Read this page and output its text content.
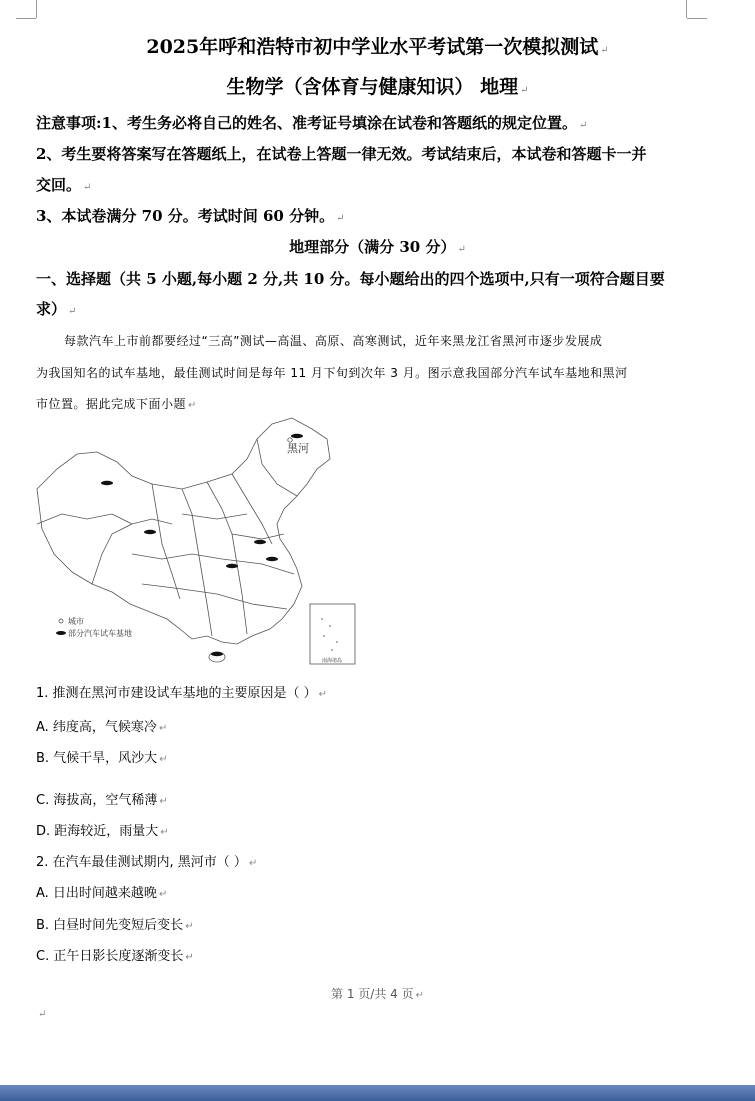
2025年呼和浩特市初中学业水平考试第一次模拟测试 ↵
生物学（含体育与健康知识） 地理 ↵
注意事项:1、考生务必将自己的姓名、准考证号填涂在试卷和答题纸的规定位置。 ↵
2、考生要将答案写在答题纸上，在试卷上答题一律无效。考试结束后，本试卷和答题卡一并
交回。 ↵
3、本试卷满分 70 分。考试时间 60 分钟。 ↵
地理部分（满分 30 分） ↵
一、选择题（共 5 小题,每小题 2 分,共 10 分。每小题给出的四个选项中,只有一项符合题目要
求） ↵
每款汽车上市前都要经过“三高”测试—高温、高原、高寒测试，近年来黑龙江省黑河市逐步发展成
为我国知名的试车基地，最佳测试时间是每年 11 月下旬到次年 3 月。图示意我国部分汽车试车基地和黑河
市位置。据此完成下面小题 ↵
黑河
城市
部分汽车试车基地
南海诸岛
1. 推测在黑河市建设试车基地的主要原因是（ ） ↵
A. 纬度高，气候寒冷 ↵
B. 气候干旱，风沙大 ↵
C. 海拔高，空气稀薄 ↵
D. 距海较近，雨量大 ↵
2. 在汽车最佳测试期内, 黑河市（ ） ↵
A. 日出时间越来越晚 ↵
B. 白昼时间先变短后变长 ↵
C. 正午日影长度逐渐变长 ↵
第 1 页/共 4 页 ↵
↵
